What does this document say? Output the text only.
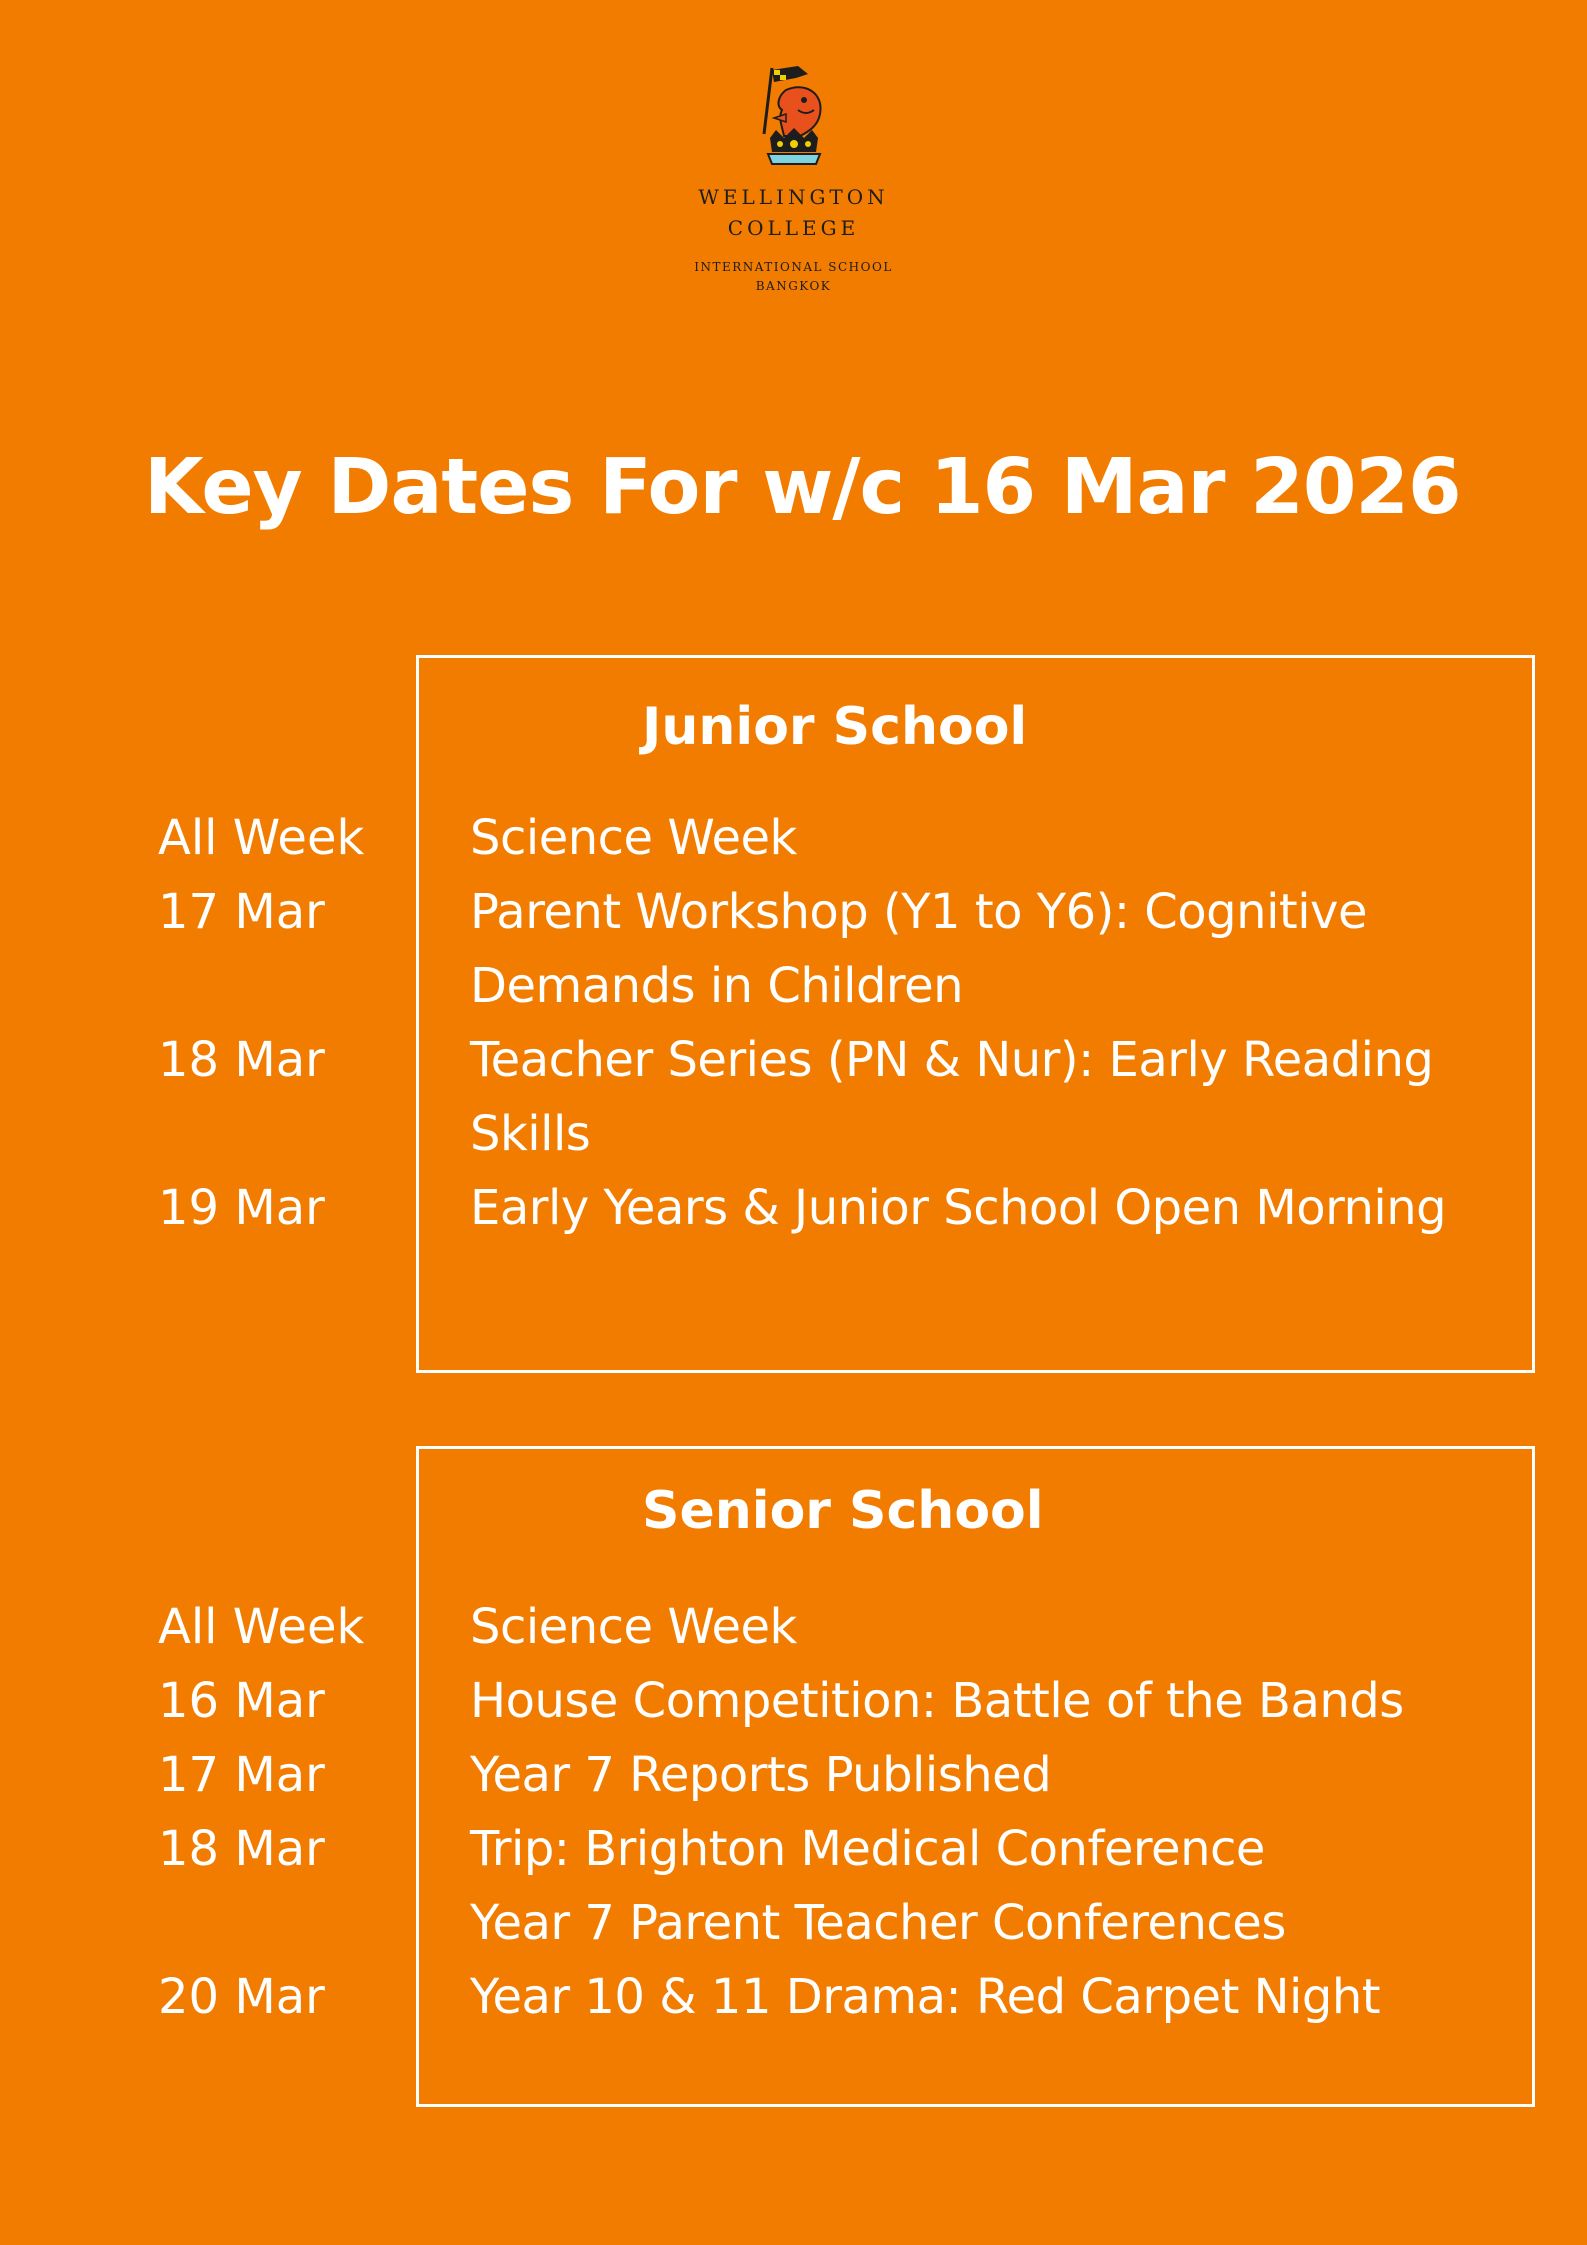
WELLINGTON
COLLEGE
INTERNATIONAL SCHOOL
BANGKOK
Key Dates For w/c 16 Mar 2026
Junior School
All Week	Science Week
17 Mar	Parent Workshop (Y1 to Y6): Cognitive Demands in Children
18 Mar	Teacher Series (PN & Nur): Early Reading Skills
19 Mar	Early Years & Junior School Open Morning
Senior School
All Week	Science Week
16 Mar	House Competition: Battle of the Bands
17 Mar	Year 7 Reports Published
18 Mar	Trip: Brighton Medical Conference
Year 7 Parent Teacher Conferences
20 Mar	Year 10 & 11 Drama: Red Carpet Night
